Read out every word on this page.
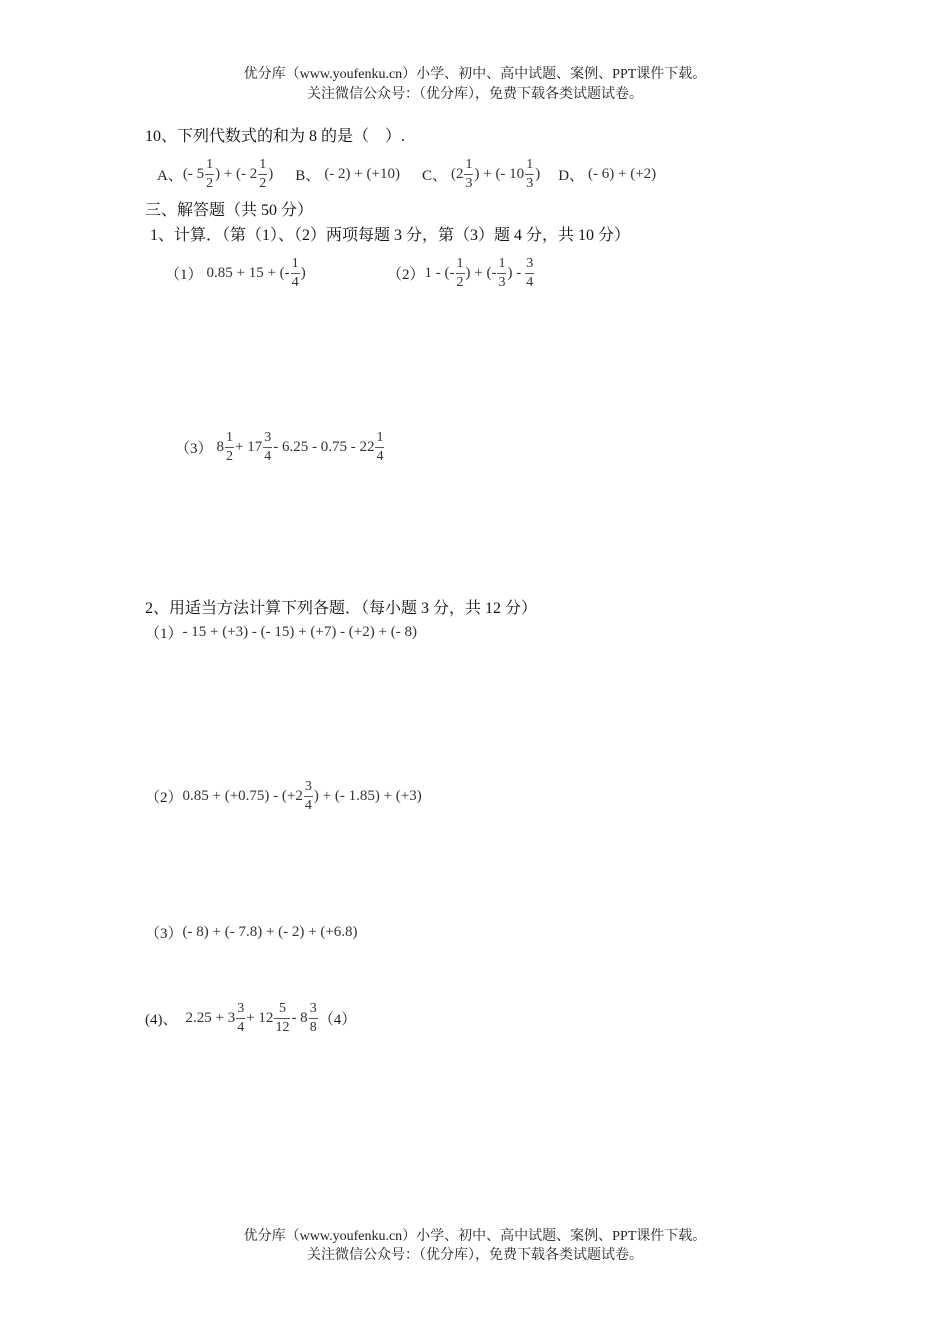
优分库（www.youfenku.cn）小学、初中、高中试题、案例、PPT课件下载。
关注微信公众号：（优分库），免费下载各类试题试卷。
10、下列代数式的和为 8 的是（　）.
A、 (- $5 \frac{1}{2}$ ) + (- $2 \frac{1}{2}$ ) B、 (- 2) + (+10) C、 ($2 \frac{1}{3}$ ) + (- $10 \frac{1}{3}$ ) D、 (- 6) + (+2)
三、解答题（共 50 分）
1、计算．（第（1）、（2）两项每题 3 分，第（3）题 4 分，共 10 分）
（1） 0.85 + 15 + (- $\frac{1}{4}$ )	（2） 1 - (- $\frac{1}{2}$ ) + (- $\frac{1}{3}$ ) - $\frac{3}{4}$
（3） $8 \frac{1}{2} + 17 \frac{3}{4} - 6.25 - 0.75 - 22 \frac{1}{4}$
2、用适当方法计算下列各题．（每小题 3 分，共 12 分）
（1） - 15 + (+3) - (- 15) + (+7) - (+2) + (- 8)
（2） $0.85 + (+0.75) - (+2 \frac{3}{4}$ ) + (- 1.85) + (+3)
（3） (- 8) + (- 7.8) + (- 2) + (+6.8)
(4)、 $2.25 + 3 \frac{3}{4} + 12 \frac{5}{12} - 8 \frac{3}{8} (4)$
优分库（www.youfenku.cn）小学、初中、高中试题、案例、PPT课件下载。
关注微信公众号：（优分库），免费下载各类试题试卷。
